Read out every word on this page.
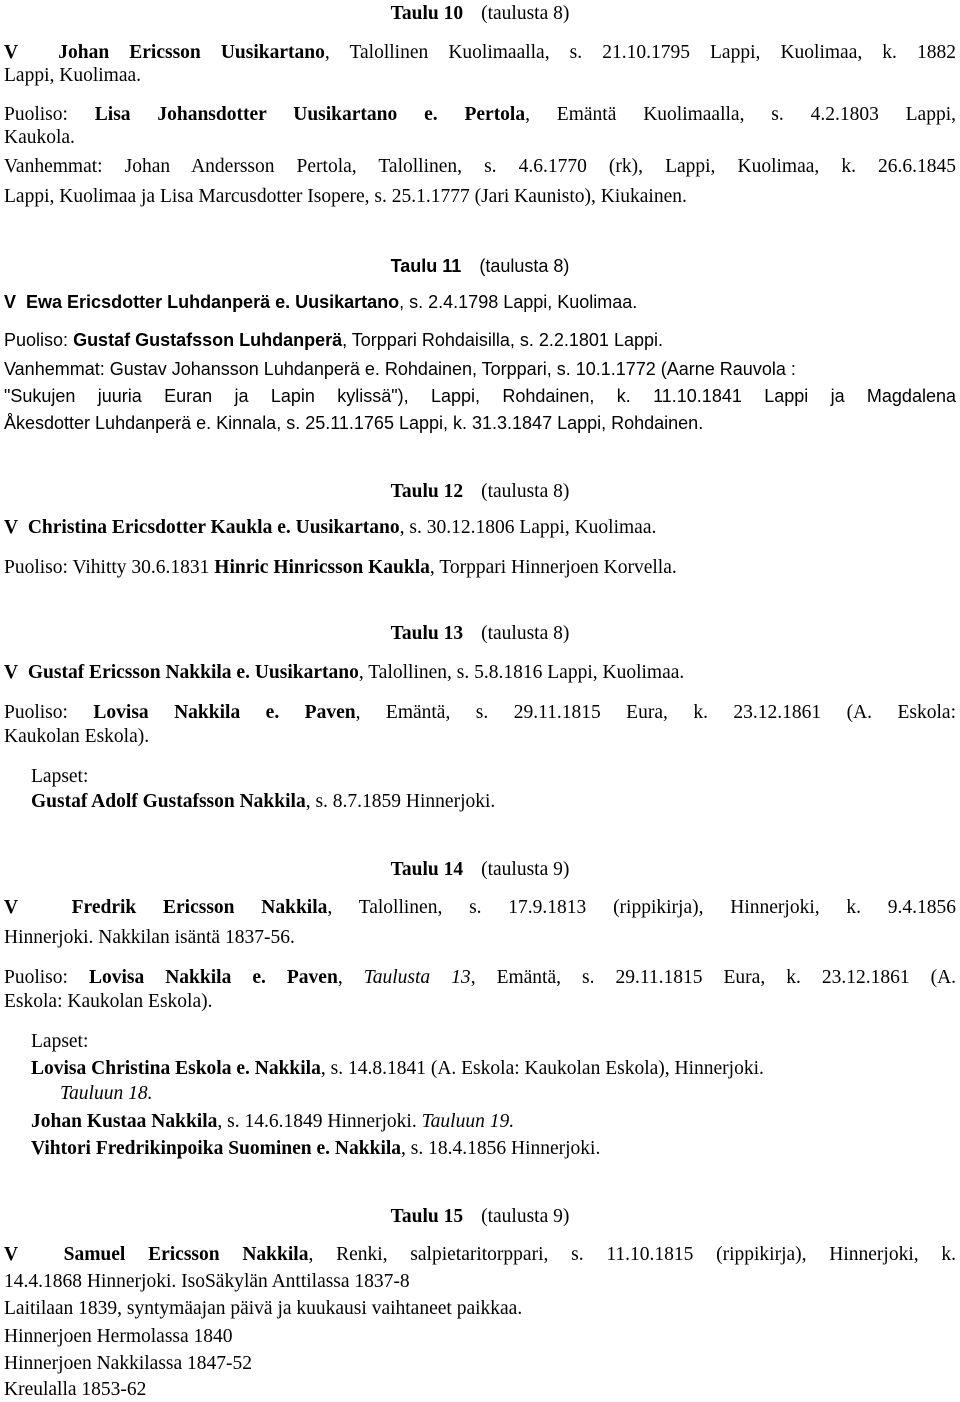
Taulu 10 (taulusta 8)
V Johan Ericsson Uusikartano, Talollinen Kuolimaalla, s. 21.10.1795 Lappi, Kuolimaa, k. 1882
Lappi, Kuolimaa.
Puoliso: Lisa Johansdotter Uusikartano e. Pertola, Emäntä Kuolimaalla, s. 4.2.1803 Lappi,
Kaukola.
Vanhemmat: Johan Andersson Pertola, Talollinen, s. 4.6.1770 (rk), Lappi, Kuolimaa, k. 26.6.1845
Lappi, Kuolimaa ja Lisa Marcusdotter Isopere, s. 25.1.1777 (Jari Kaunisto), Kiukainen.
Taulu 11 (taulusta 8)
V Ewa Ericsdotter Luhdanperä e. Uusikartano, s. 2.4.1798 Lappi, Kuolimaa.
Puoliso: Gustaf Gustafsson Luhdanperä, Torppari Rohdaisilla, s. 2.2.1801 Lappi.
Vanhemmat: Gustav Johansson Luhdanperä e. Rohdainen, Torppari, s. 10.1.1772 (Aarne Rauvola :
"Sukujen juuria Euran ja Lapin kylissä"), Lappi, Rohdainen, k. 11.10.1841 Lappi ja Magdalena
Åkesdotter Luhdanperä e. Kinnala, s. 25.11.1765 Lappi, k. 31.3.1847 Lappi, Rohdainen.
Taulu 12 (taulusta 8)
V Christina Ericsdotter Kaukla e. Uusikartano, s. 30.12.1806 Lappi, Kuolimaa.
Puoliso: Vihitty 30.6.1831 Hinric Hinricsson Kaukla, Torppari Hinnerjoen Korvella.
Taulu 13 (taulusta 8)
V Gustaf Ericsson Nakkila e. Uusikartano, Talollinen, s. 5.8.1816 Lappi, Kuolimaa.
Puoliso: Lovisa Nakkila e. Paven, Emäntä, s. 29.11.1815 Eura, k. 23.12.1861 (A. Eskola:
Kaukolan Eskola).
Lapset:
Gustaf Adolf Gustafsson Nakkila, s. 8.7.1859 Hinnerjoki.
Taulu 14 (taulusta 9)
V	Fredrik Ericsson Nakkila, Talollinen, s. 17.9.1813 (rippikirja), Hinnerjoki, k. 9.4.1856
Hinnerjoki. Nakkilan isäntä 1837-56.
Puoliso: Lovisa Nakkila e. Paven, Taulusta 13, Emäntä, s. 29.11.1815 Eura, k. 23.12.1861 (A.
Eskola: Kaukolan Eskola).
Lapset:
Lovisa Christina Eskola e. Nakkila, s. 14.8.1841 (A. Eskola: Kaukolan Eskola), Hinnerjoki.
Tauluun 18.
Johan Kustaa Nakkila, s. 14.6.1849 Hinnerjoki. Tauluun 19.
Vihtori Fredrikinpoika Suominen e. Nakkila, s. 18.4.1856 Hinnerjoki.
Taulu 15 (taulusta 9)
V Samuel Ericsson Nakkila, Renki, salpietaritorppari, s. 11.10.1815 (rippikirja), Hinnerjoki, k.
14.4.1868 Hinnerjoki. IsoSäkylän Anttilassa 1837-8
Laitilaan 1839, syntymäajan päivä ja kuukausi vaihtaneet paikkaa.
Hinnerjoen Hermolassa 1840
Hinnerjoen Nakkilassa 1847-52
Kreulalla 1853-62
